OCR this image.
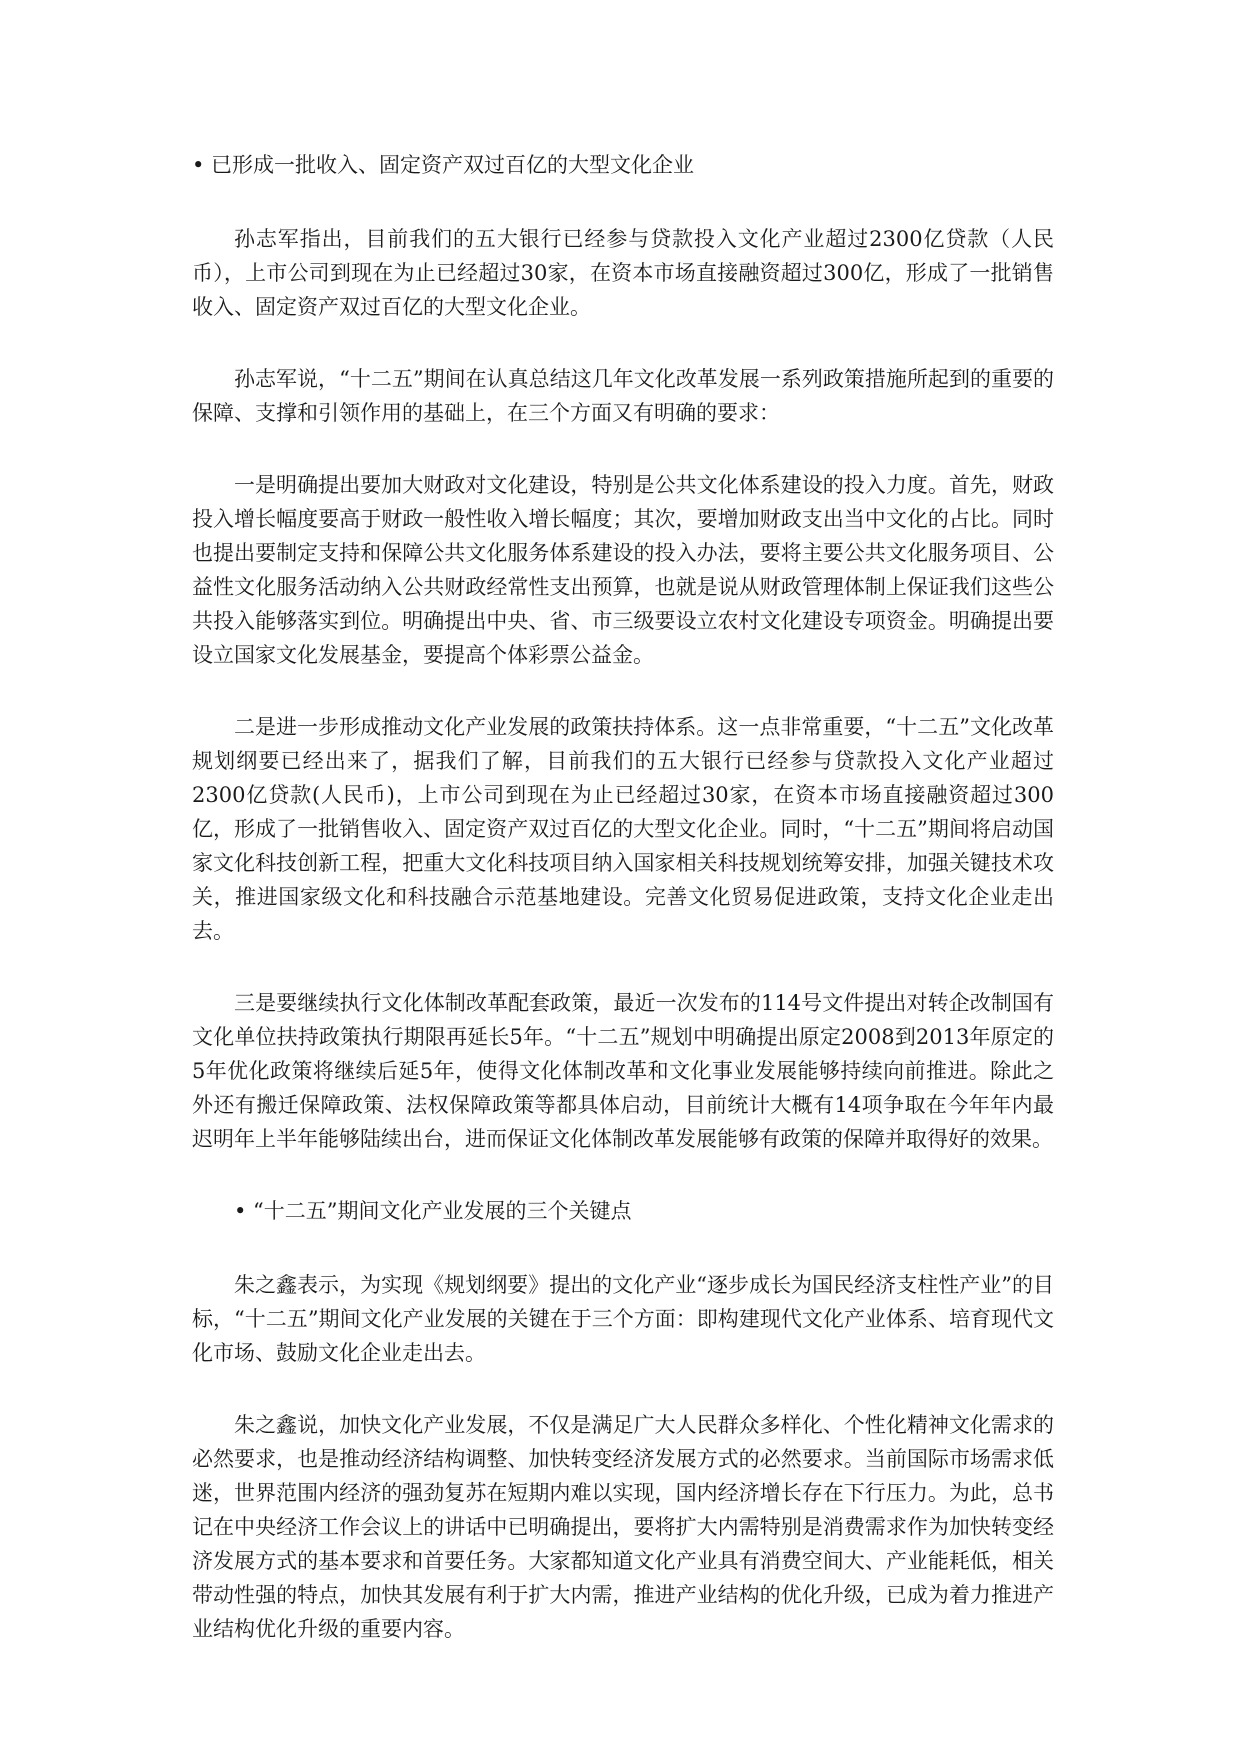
• 已形成一批收入、固定资产双过百亿的大型文化企业

孙志军指出，目前我们的五大银行已经参与贷款投入文化产业超过2300亿贷款（人民币），上市公司到现在为止已经超过30家，在资本市场直接融资超过300亿，形成了一批销售收入、固定资产双过百亿的大型文化企业。

孙志军说，“十二五”期间在认真总结这几年文化改革发展一系列政策措施所起到的重要的保障、支撑和引领作用的基础上，在三个方面又有明确的要求：

一是明确提出要加大财政对文化建设，特别是公共文化体系建设的投入力度。首先，财政投入增长幅度要高于财政一般性收入增长幅度；其次，要增加财政支出当中文化的占比。同时也提出要制定支持和保障公共文化服务体系建设的投入办法，要将主要公共文化服务项目、公益性文化服务活动纳入公共财政经常性支出预算，也就是说从财政管理体制上保证我们这些公共投入能够落实到位。明确提出中央、省、市三级要设立农村文化建设专项资金。明确提出要设立国家文化发展基金，要提高个体彩票公益金。

二是进一步形成推动文化产业发展的政策扶持体系。这一点非常重要，“十二五”文化改革规划纲要已经出来了，据我们了解，目前我们的五大银行已经参与贷款投入文化产业超过2300亿贷款(人民币)，上市公司到现在为止已经超过30家，在资本市场直接融资超过300亿，形成了一批销售收入、固定资产双过百亿的大型文化企业。同时，“十二五”期间将启动国家文化科技创新工程，把重大文化科技项目纳入国家相关科技规划统筹安排，加强关键技术攻关，推进国家级文化和科技融合示范基地建设。完善文化贸易促进政策，支持文化企业走出去。

三是要继续执行文化体制改革配套政策，最近一次发布的114号文件提出对转企改制国有文化单位扶持政策执行期限再延长5年。“十二五”规划中明确提出原定2008到2013年原定的5年优化政策将继续后延5年，使得文化体制改革和文化事业发展能够持续向前推进。除此之外还有搬迁保障政策、法权保障政策等都具体启动，目前统计大概有14项争取在今年年内最迟明年上半年能够陆续出台，进而保证文化体制改革发展能够有政策的保障并取得好的效果。

• “十二五”期间文化产业发展的三个关键点

朱之鑫表示，为实现《规划纲要》提出的文化产业“逐步成长为国民经济支柱性产业”的目标，“十二五”期间文化产业发展的关键在于三个方面：即构建现代文化产业体系、培育现代文化市场、鼓励文化企业走出去。

朱之鑫说，加快文化产业发展，不仅是满足广大人民群众多样化、个性化精神文化需求的必然要求，也是推动经济结构调整、加快转变经济发展方式的必然要求。当前国际市场需求低迷，世界范围内经济的强劲复苏在短期内难以实现，国内经济增长存在下行压力。为此，总书记在中央经济工作会议上的讲话中已明确提出，要将扩大内需特别是消费需求作为加快转变经济发展方式的基本要求和首要任务。大家都知道文化产业具有消费空间大、产业能耗低，相关带动性强的特点，加快其发展有利于扩大内需，推进产业结构的优化升级，已成为着力推进产业结构优化升级的重要内容。
